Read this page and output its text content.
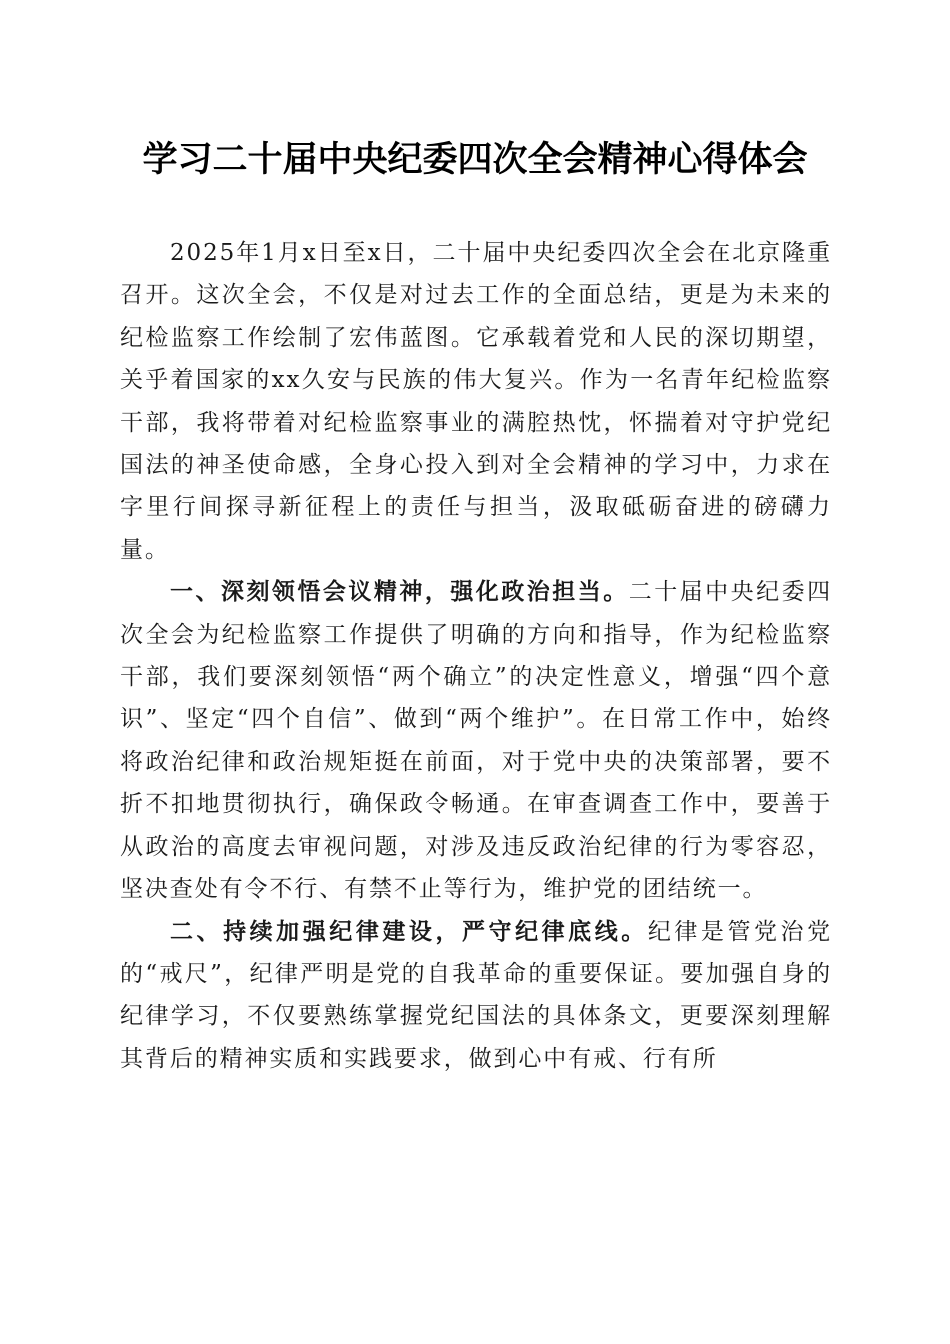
学习二十届中央纪委四次全会精神心得体会

2025年1月x日至x日，二十届中央纪委四次全会在北京隆重召开。这次全会，不仅是对过去工作的全面总结，更是为未来的纪检监察工作绘制了宏伟蓝图。它承载着党和人民的深切期望，关乎着国家的xx久安与民族的伟大复兴。作为一名青年纪检监察干部，我将带着对纪检监察事业的满腔热忱，怀揣着对守护党纪国法的神圣使命感，全身心投入到对全会精神的学习中，力求在字里行间探寻新征程上的责任与担当，汲取砥砺奋进的磅礴力量。

一、深刻领悟会议精神，强化政治担当。二十届中央纪委四次全会为纪检监察工作提供了明确的方向和指导，作为纪检监察干部，我们要深刻领悟“两个确立”的决定性意义，增强“四个意识”、坚定“四个自信”、做到“两个维护”。在日常工作中，始终将政治纪律和政治规矩挺在前面，对于党中央的决策部署，要不折不扣地贯彻执行，确保政令畅通。在审查调查工作中，要善于从政治的高度去审视问题，对涉及违反政治纪律的行为零容忍，坚决查处有令不行、有禁不止等行为，维护党的团结统一。

二、持续加强纪律建设，严守纪律底线。纪律是管党治党的“戒尺”，纪律严明是党的自我革命的重要保证。要加强自身的纪律学习，不仅要熟练掌握党纪国法的具体条文，更要深刻理解其背后的精神实质和实践要求，做到心中有戒、行有所
